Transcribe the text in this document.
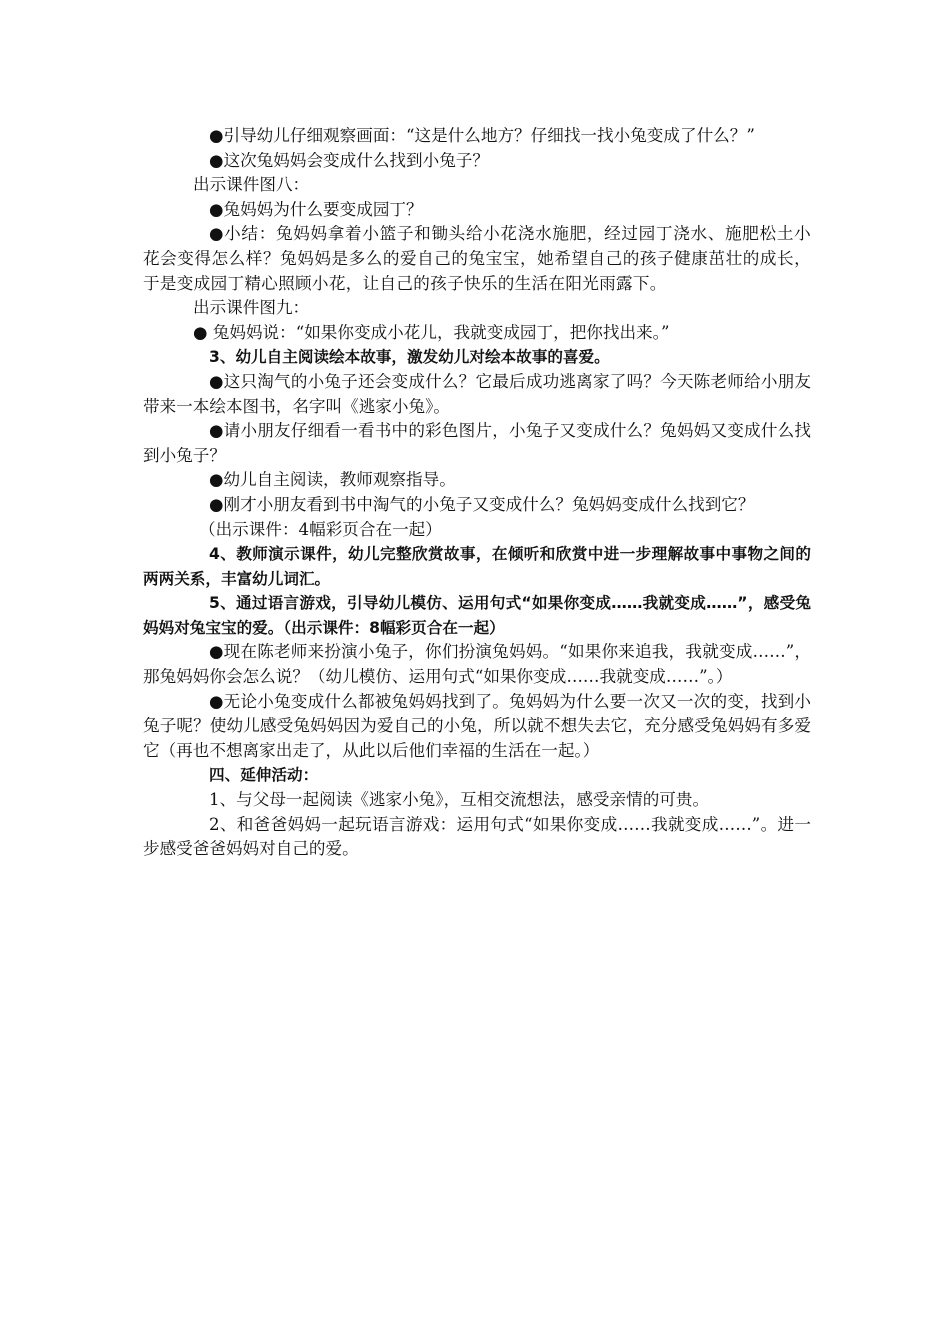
●引导幼儿仔细观察画面：“这是什么地方？仔细找一找小兔变成了什么？”

●这次兔妈妈会变成什么找到小兔子？

出示课件图八：

●兔妈妈为什么要变成园丁？

●小结：兔妈妈拿着小篮子和锄头给小花浇水施肥，经过园丁浇水、施肥松土小花会变得怎么样？兔妈妈是多么的爱自己的兔宝宝，她希望自己的孩子健康茁壮的成长，于是变成园丁精心照顾小花，让自己的孩子快乐的生活在阳光雨露下。

出示课件图九：

● 兔妈妈说：“如果你变成小花儿，我就变成园丁，把你找出来。”

3、幼儿自主阅读绘本故事，激发幼儿对绘本故事的喜爱。

●这只淘气的小兔子还会变成什么？它最后成功逃离家了吗？今天陈老师给小朋友带来一本绘本图书，名字叫《逃家小兔》。

●请小朋友仔细看一看书中的彩色图片，小兔子又变成什么？兔妈妈又变成什么找到小兔子？

●幼儿自主阅读，教师观察指导。

●刚才小朋友看到书中淘气的小兔子又变成什么？兔妈妈变成什么找到它？

（出示课件：4幅彩页合在一起）

4、教师演示课件，幼儿完整欣赏故事，在倾听和欣赏中进一步理解故事中事物之间的两两关系，丰富幼儿词汇。

5、通过语言游戏，引导幼儿模仿、运用句式“如果你变成……我就变成……”，感受兔妈妈对兔宝宝的爱。（出示课件：8幅彩页合在一起）

●现在陈老师来扮演小兔子，你们扮演兔妈妈。“如果你来追我，我就变成……”，那兔妈妈你会怎么说？（幼儿模仿、运用句式“如果你变成……我就变成……”。）

●无论小兔变成什么都被兔妈妈找到了。兔妈妈为什么要一次又一次的变，找到小兔子呢？使幼儿感受兔妈妈因为爱自己的小兔，所以就不想失去它，充分感受兔妈妈有多爱它（再也不想离家出走了，从此以后他们幸福的生活在一起。）

四、延伸活动：

1、与父母一起阅读《逃家小兔》，互相交流想法，感受亲情的可贵。

2、和爸爸妈妈一起玩语言游戏：运用句式“如果你变成……我就变成……”。进一步感受爸爸妈妈对自己的爱。
